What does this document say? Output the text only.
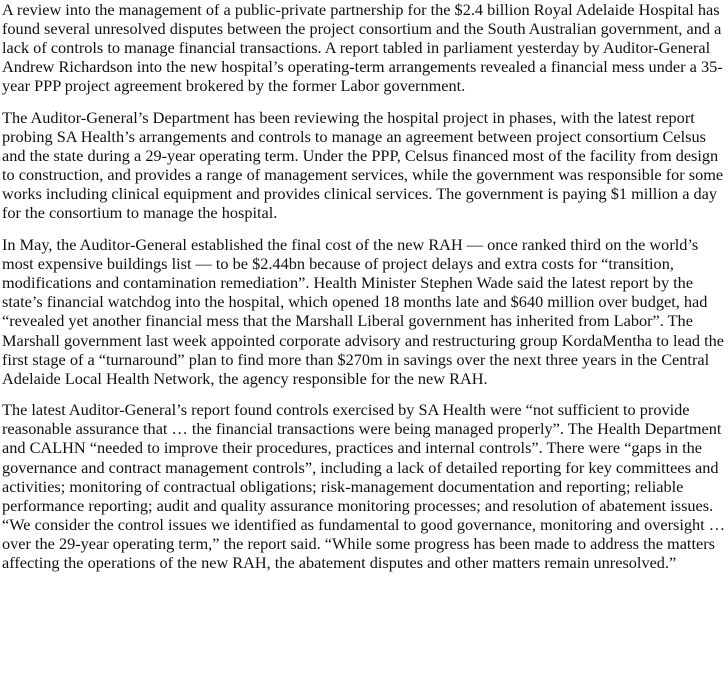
A review into the management of a public-private partnership for the $2.4 billion Royal Adelaide Hospital has found several unresolved disputes between the project consortium and the South Australian government, and a lack of controls to manage financial transactions. A report tabled in parliament yesterday by Auditor-General Andrew Richardson into the new hospital’s operating-term arrangements revealed a financial mess under a 35-year PPP project agreement brokered by the former Labor government.

The Auditor-General’s Department has been reviewing the hospital project in phases, with the latest report probing SA Health’s arrangements and controls to manage an agreement between project consortium Celsus and the state during a 29-year operating term. Under the PPP, Celsus financed most of the facility from design to construction, and provides a range of management services, while the government was responsible for some works including clinical equipment and provides clinical services. The government is paying $1 million a day for the consortium to manage the hospital.

In May, the Auditor-General established the final cost of the new RAH — once ranked third on the world’s most expensive buildings list — to be $2.44bn because of project delays and extra costs for “transition, modifications and contamination remediation”. Health Minister Stephen Wade said the latest report by the state’s financial watchdog into the hospital, which opened 18 months late and $640 million over budget, had “revealed yet another financial mess that the Marshall Liberal government has inherited from Labor”. The Marshall government last week appointed corporate advisory and restructuring group KordaMentha to lead the first stage of a “turnaround” plan to find more than $270m in savings over the next three years in the Central Adelaide Local Health Network, the agency responsible for the new RAH.

The latest Auditor-General’s report found controls exercised by SA Health were “not sufficient to provide reasonable assurance that … the financial transactions were being managed properly”. The Health Department and CALHN “needed to improve their procedures, practices and internal controls”. There were “gaps in the governance and contract management controls”, including a lack of detailed reporting for key committees and activities; monitoring of contractual obligations; risk-management documentation and reporting; reliable performance reporting; audit and quality assurance monitoring processes; and resolution of abatement issues. “We consider the control issues we identified as fundamental to good governance, monitoring and oversight … over the 29-year operating term,” the report said. “While some progress has been made to address the matters affecting the operations of the new RAH, the abatement disputes and other matters remain unresolved.”
